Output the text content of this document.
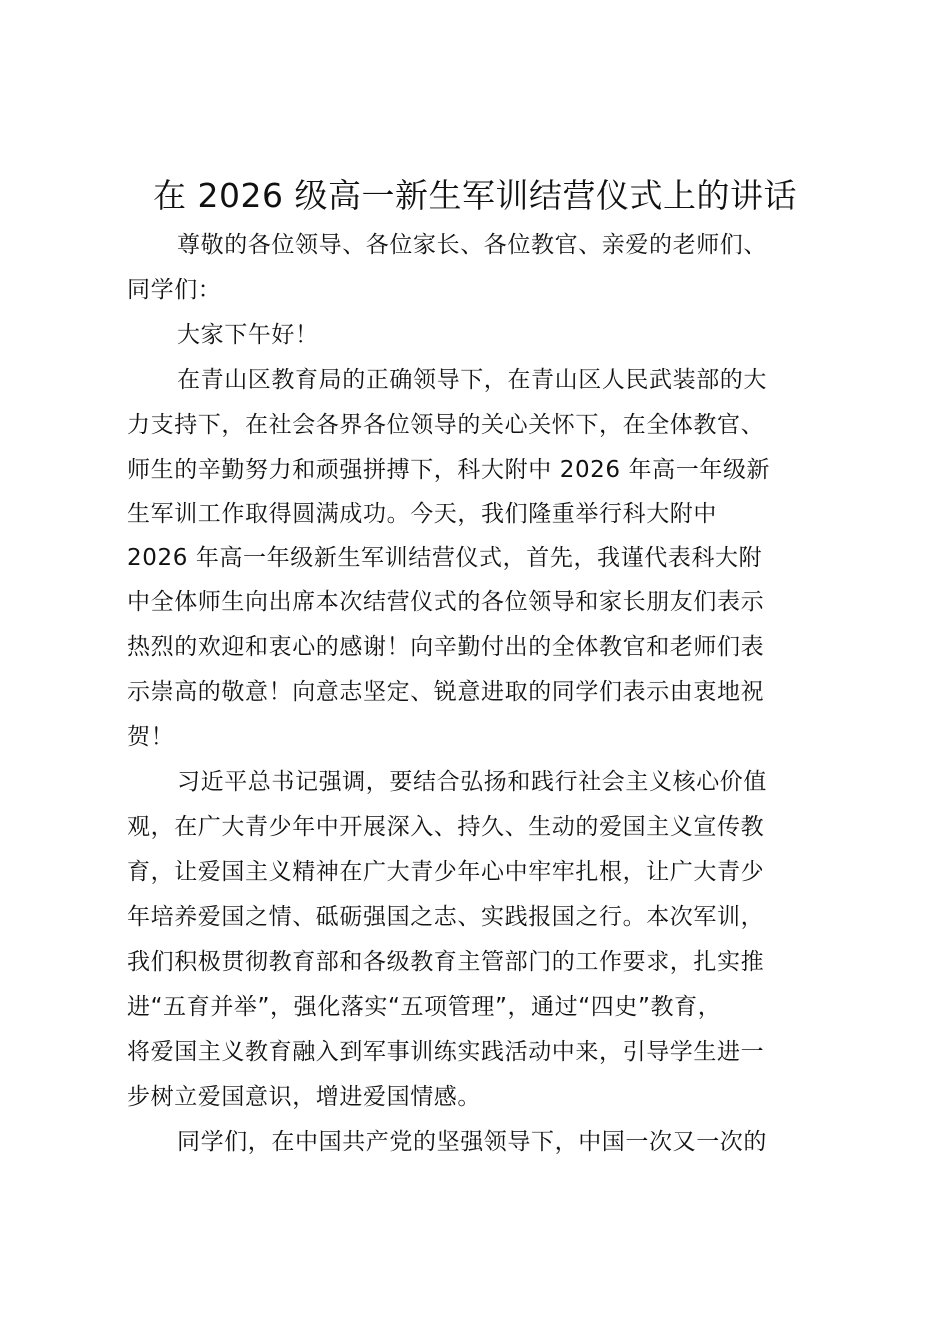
在 2026 级高一新生军训结营仪式上的讲话
尊敬的各位领导、各位家长、各位教官、亲爱的老师们、
同学们：
大家下午好！
在青山区教育局的正确领导下，在青山区人民武装部的大
力支持下，在社会各界各位领导的关心关怀下，在全体教官、
师生的辛勤努力和顽强拼搏下，科大附中 2026 年高一年级新
生军训工作取得圆满成功。今天，我们隆重举行科大附中
2026 年高一年级新生军训结营仪式，首先，我谨代表科大附
中全体师生向出席本次结营仪式的各位领导和家长朋友们表示
热烈的欢迎和衷心的感谢！向辛勤付出的全体教官和老师们表
示崇高的敬意！向意志坚定、锐意进取的同学们表示由衷地祝
贺！
习近平总书记强调，要结合弘扬和践行社会主义核心价值
观，在广大青少年中开展深入、持久、生动的爱国主义宣传教
育，让爱国主义精神在广大青少年心中牢牢扎根，让广大青少
年培养爱国之情、砥砺强国之志、实践报国之行。本次军训，
我们积极贯彻教育部和各级教育主管部门的工作要求，扎实推
进“五育并举”，强化落实“五项管理”，通过“四史”教育，
将爱国主义教育融入到军事训练实践活动中来，引导学生进一
步树立爱国意识，增进爱国情感。
同学们，在中国共产党的坚强领导下，中国一次又一次的
